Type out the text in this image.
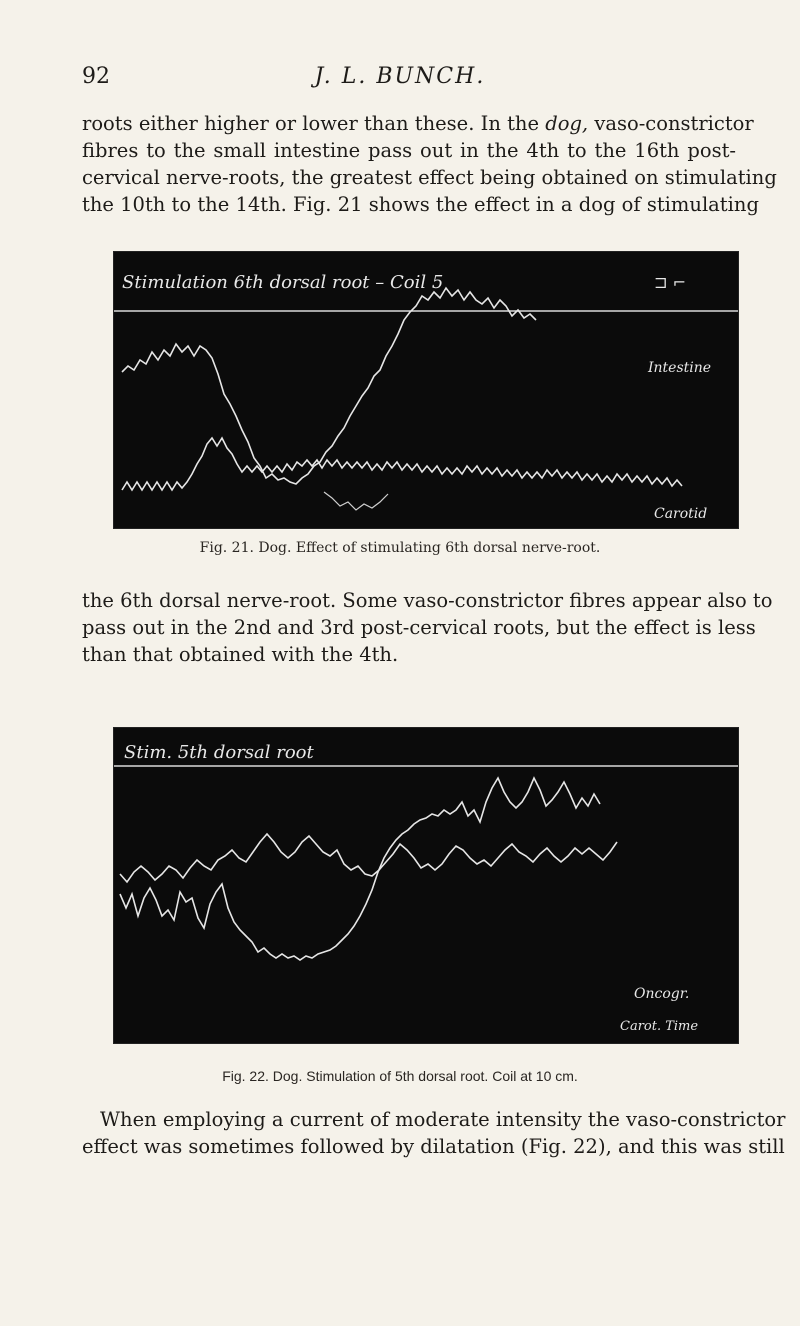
92	J. L. BUNCH.

roots either higher or lower than these. In the dog, vaso-constrictor
fibres to the small intestine pass out in the 4th to the 16th post-
cervical nerve-roots, the greatest effect being obtained on stimulating
the 10th to the 14th. Fig. 21 shows the effect in a dog of stimulating

Stimulation 6th dorsal root – Coil 5	⊐ ⌐
Intestine
Carotid
Fig. 21. Dog. Effect of stimulating 6th dorsal nerve-root.

the 6th dorsal nerve-root. Some vaso-constrictor fibres appear also to
pass out in the 2nd and 3rd post-cervical roots, but the effect is less
than that obtained with the 4th.

Stim. 5th dorsal root
Oncogr.
Carot. Time
Fig. 22. Dog. Stimulation of 5th dorsal root. Coil at 10 cm.

When employing a current of moderate intensity the vaso-constrictor
effect was sometimes followed by dilatation (Fig. 22), and this was still
